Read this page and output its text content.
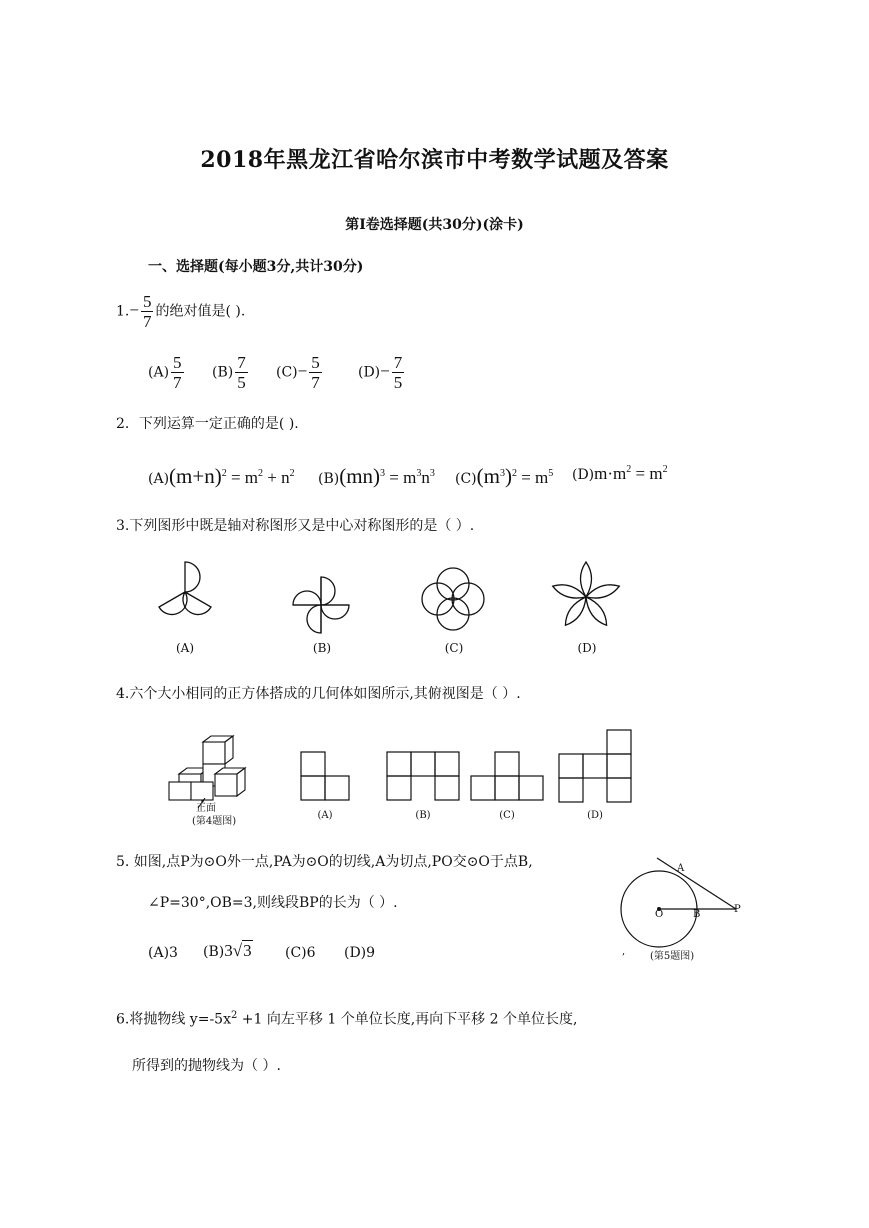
2018年黑龙江省哈尔滨市中考数学试题及答案
第Ⅰ卷选择题(共30分)(涂卡)
一、选择题(每小题3分,共计30分)
$1.- \frac{5}{7}$ 的绝对值是( ).
$(A) \frac{5}{7} (B) \frac{7}{5} (C)- \frac{5}{7}$	$(D)- \frac{7}{5}$
2．下列运算一定正确的是( ).
$(A)(m+n)^2 = m^2 + n^2$ $(B)(mn)^3 = m^3n^3$ $(C)(m^3)^2 = m^5$ $(D)m\cdot m^2 = m^2$
3.下列图形中既是轴对称图形又是中心对称图形的是（ ）.
(A)	(B)	(C)	(D)
4.六个大小相同的正方体搭成的几何体如图所示,其俯视图是（ ）.
正面
(第4题图)
(A)	(B)	(C)	(D)
5. 如图,点P为⊙O外一点,PA为⊙O的切线,A为切点,PO交⊙O于点B,
∠P=30°,OB=3,则线段BP的长为（ ）.
(A)3 (B)3√3 (C)6 (D)9
A
O	B	P
, (第5题图)
6.将抛物线 $y=-5x^2 +1$ 向左平移 1 个单位长度,再向下平移 2 个单位长度,
所得到的抛物线为（ ）.
